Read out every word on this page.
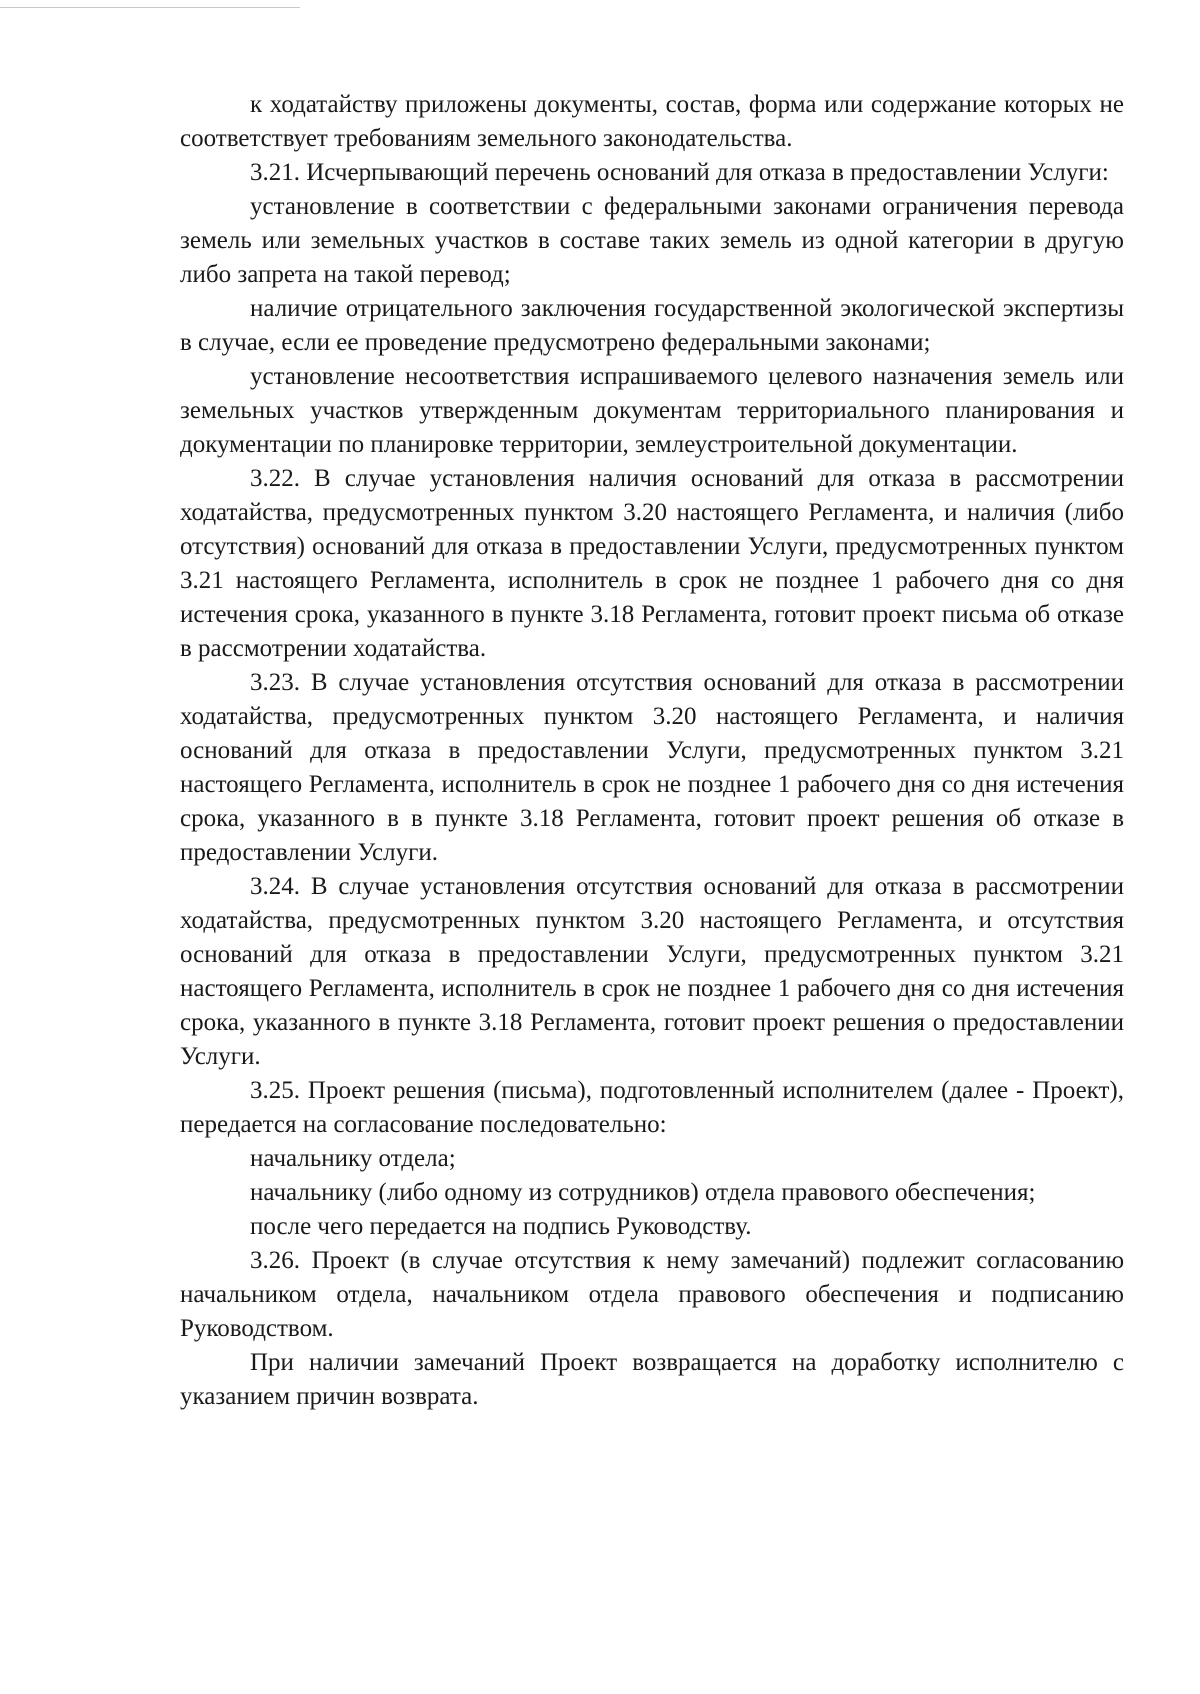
к ходатайству приложены документы, состав, форма или содержание которых не соответствует требованиям земельного законодательства.

3.21. Исчерпывающий перечень оснований для отказа в предоставлении Услуги:

установление в соответствии с федеральными законами ограничения перевода земель или земельных участков в составе таких земель из одной категории в другую либо запрета на такой перевод;

наличие отрицательного заключения государственной экологической экспертизы в случае, если ее проведение предусмотрено федеральными законами;

установление несоответствия испрашиваемого целевого назначения земель или земельных участков утвержденным документам территориального планирования и документации по планировке территории, землеустроительной документации.

3.22. В случае установления наличия оснований для отказа в рассмотрении ходатайства, предусмотренных пунктом 3.20 настоящего Регламента, и наличия (либо отсутствия) оснований для отказа в предоставлении Услуги, предусмотренных пунктом 3.21 настоящего Регламента, исполнитель в срок не позднее 1 рабочего дня со дня истечения срока, указанного в пункте 3.18 Регламента, готовит проект письма об отказе в рассмотрении ходатайства.

3.23. В случае установления отсутствия оснований для отказа в рассмотрении ходатайства, предусмотренных пунктом 3.20 настоящего Регламента, и наличия оснований для отказа в предоставлении Услуги, предусмотренных пунктом 3.21 настоящего Регламента, исполнитель в срок не позднее 1 рабочего дня со дня истечения срока, указанного в в пункте 3.18 Регламента, готовит проект решения об отказе в предоставлении Услуги.

3.24. В случае установления отсутствия оснований для отказа в рассмотрении ходатайства, предусмотренных пунктом 3.20 настоящего Регламента, и отсутствия оснований для отказа в предоставлении Услуги, предусмотренных пунктом 3.21 настоящего Регламента, исполнитель в срок не позднее 1 рабочего дня со дня истечения срока, указанного в пункте 3.18 Регламента, готовит проект решения о предоставлении Услуги.

3.25. Проект решения (письма), подготовленный исполнителем (далее - Проект), передается на согласование последовательно:

начальнику отдела;

начальнику (либо одному из сотрудников) отдела правового обеспечения;

после чего передается на подпись Руководству.

3.26. Проект (в случае отсутствия к нему замечаний) подлежит согласованию начальником отдела, начальником отдела правового обеспечения и подписанию Руководством.

При наличии замечаний Проект возвращается на доработку исполнителю с указанием причин возврата.
